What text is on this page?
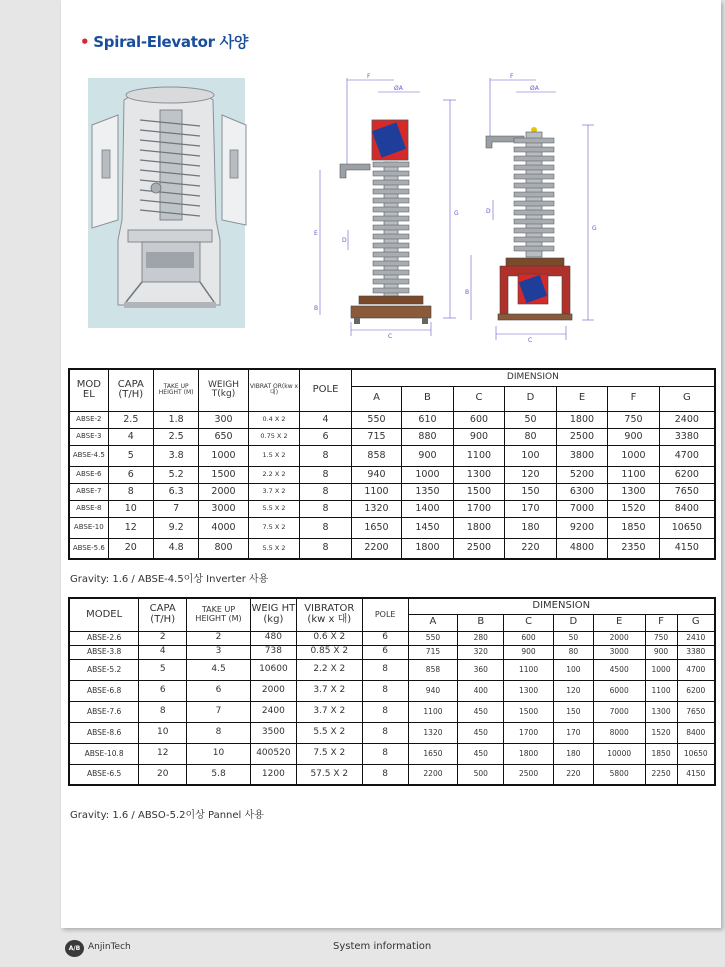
• Spiral-Elevator 사양
F
ØA
G
E
D
B
C
F
ØA
G
D
B
C
MOD EL	CAPA (T/H)	TAKE UP HEIGHT (M)	WEIGH T(kg)	VIBRAT OR(kw x 대)	POLE	DIMENSION						
						A	B	C	D	E	F	G
ABSE-2	2.5	1.8	300	0.4 X 2	4	550	610	600	50	1800	750	2400
ABSE-3	4	2.5	650	0.75 X 2	6	715	880	900	80	2500	900	3380
ABSE-4.5	5	3.8	1000	1.5 X 2	8	858	900	1100	100	3800	1000	4700
ABSE-6	6	5.2	1500	2.2 X 2	8	940	1000	1300	120	5200	1100	6200
ABSE-7	8	6.3	2000	3.7 X 2	8	1100	1350	1500	150	6300	1300	7650
ABSE-8	10	7	3000	5.5 X 2	8	1320	1400	1700	170	7000	1520	8400
ABSE-10	12	9.2	4000	7.5 X 2	8	1650	1450	1800	180	9200	1850	10650
ABSE-5.6	20	4.8	800	5.5 X 2	8	2200	1800	2500	220	4800	2350	4150
Gravity: 1.6 / ABSE-4.5이상 Inverter 사용
MODEL	CAPA (T/H)	TAKE UP HEIGHT (M)	WEIG HT (kg)	VIBRATOR (kw x 대)	POLE	DIMENSION						
						A	B	C	D	E	F	G
ABSE-2.6	2	2	480	0.6 X 2	6	550	280	600	50	2000	750	2410
ABSE-3.8	4	3	738	0.85 X 2	6	715	320	900	80	3000	900	3380
ABSE-5.2	5	4.5	10600	2.2 X 2	8	858	360	1100	100	4500	1000	4700
ABSE-6.8	6	6	2000	3.7 X 2	8	940	400	1300	120	6000	1100	6200
ABSE-7.6	8	7	2400	3.7 X 2	8	1100	450	1500	150	7000	1300	7650
ABSE-8.6	10	8	3500	5.5 X 2	8	1320	450	1700	170	8000	1520	8400
ABSE-10.8	12	10	400520	7.5 X 2	8	1650	450	1800	180	10000	1850	10650
ABSE-6.5	20	5.8	1200	57.5 X 2	8	2200	500	2500	220	5800	2250	4150
Gravity: 1.6 / ABSO-5.2이상 Pannel 사용
A/B AnjinTech	System information
